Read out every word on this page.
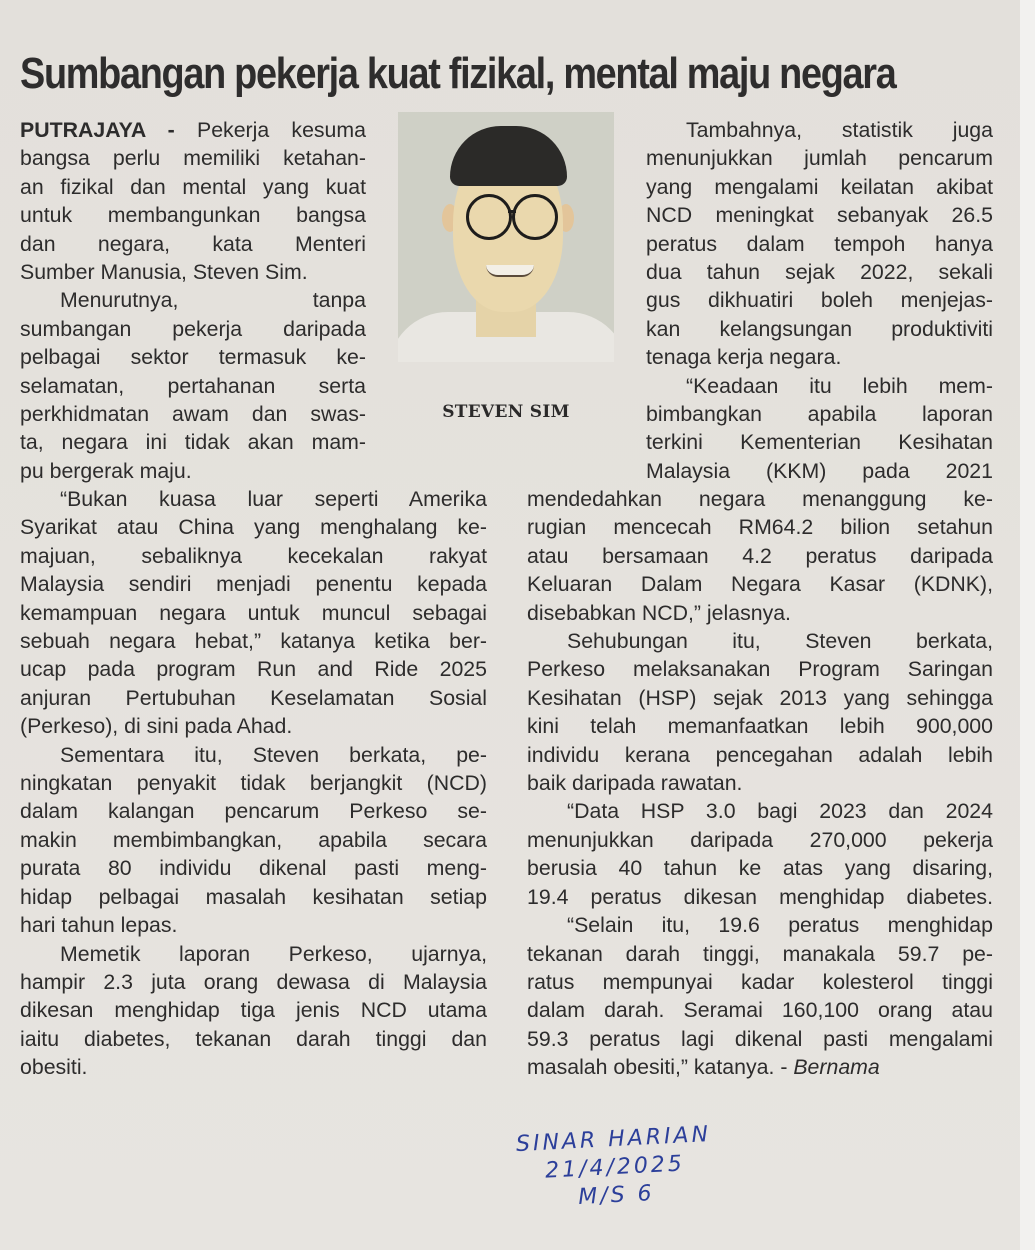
Sumbangan pekerja kuat fizikal, mental maju negara
PUTRAJAYA - Pekerja kesuma
bangsa perlu memiliki ketahan-
an fizikal dan mental yang kuat
untuk membangunkan bangsa
dan negara, kata Menteri
Sumber Manusia, Steven Sim.
Menurutnya, tanpa
sumbangan pekerja daripada
pelbagai sektor termasuk ke-
selamatan, pertahanan serta
perkhidmatan awam dan swas-
ta, negara ini tidak akan mam-
pu bergerak maju.
STEVEN SIM
Tambahnya, statistik juga
menunjukkan jumlah pencarum
yang mengalami keilatan akibat
NCD meningkat sebanyak 26.5
peratus dalam tempoh hanya
dua tahun sejak 2022, sekali
gus dikhuatiri boleh menjejas-
kan kelangsungan produktiviti
tenaga kerja negara.
“Keadaan itu lebih mem-
bimbangkan apabila laporan
terkini Kementerian Kesihatan
Malaysia (KKM) pada 2021
“Bukan kuasa luar seperti Amerika
Syarikat atau China yang menghalang ke-
majuan, sebaliknya kecekalan rakyat
Malaysia sendiri menjadi penentu kepada
kemampuan negara untuk muncul sebagai
sebuah negara hebat,” katanya ketika ber-
ucap pada program Run and Ride 2025
anjuran Pertubuhan Keselamatan Sosial
(Perkeso), di sini pada Ahad.
Sementara itu, Steven berkata, pe-
ningkatan penyakit tidak berjangkit (NCD)
dalam kalangan pencarum Perkeso se-
makin membimbangkan, apabila secara
purata 80 individu dikenal pasti meng-
hidap pelbagai masalah kesihatan setiap
hari tahun lepas.
Memetik laporan Perkeso, ujarnya,
hampir 2.3 juta orang dewasa di Malaysia
dikesan menghidap tiga jenis NCD utama
iaitu diabetes, tekanan darah tinggi dan
obesiti.
mendedahkan negara menanggung ke-
rugian mencecah RM64.2 bilion setahun
atau bersamaan 4.2 peratus daripada
Keluaran Dalam Negara Kasar (KDNK),
disebabkan NCD,” jelasnya.
Sehubungan itu, Steven berkata,
Perkeso melaksanakan Program Saringan
Kesihatan (HSP) sejak 2013 yang sehingga
kini telah memanfaatkan lebih 900,000
individu kerana pencegahan adalah lebih
baik daripada rawatan.
“Data HSP 3.0 bagi 2023 dan 2024
menunjukkan daripada 270,000 pekerja
berusia 40 tahun ke atas yang disaring,
19.4 peratus dikesan menghidap diabetes.
“Selain itu, 19.6 peratus menghidap
tekanan darah tinggi, manakala 59.7 pe-
ratus mempunyai kadar kolesterol tinggi
dalam darah. Seramai 160,100 orang atau
59.3 peratus lagi dikenal pasti mengalami
masalah obesiti,” katanya. - Bernama
SINAR HARIAN
21/4/2025
M/S 6
